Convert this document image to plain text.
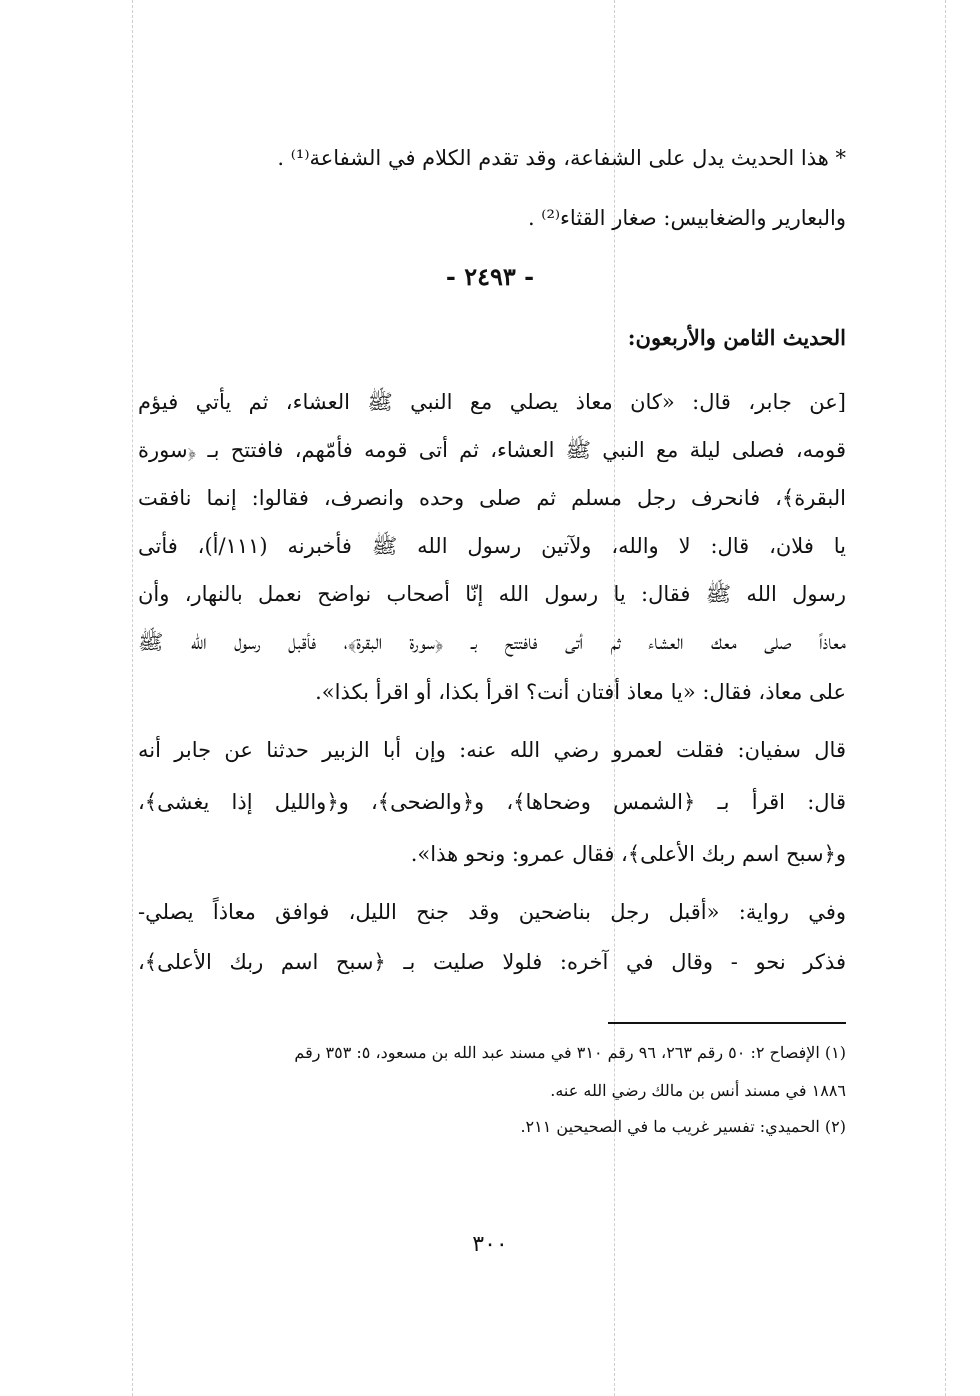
* هذا الحديث يدل على الشفاعة، وقد تقدم الكلام في الشفاعة⁽¹⁾ .
والبعارير والضغابيس: صغار القثاء⁽²⁾ .
الحديث الثامن والأربعون:
[عن جابر، قال: «كان معاذ يصلي مع النبي ﷺ العشاء، ثم يأتي فيؤم
قومه، فصلى ليلة مع النبي ﷺ العشاء، ثم أتى قومه فأمّهم، فافتتح بـ ﴿سورة
البقرة﴾، فانحرف رجل مسلم ثم صلى وحده وانصرف، فقالوا: إنما نافقت
يا فلان، قال: لا والله، ولآتين رسول الله ﷺ فأخبرنه (١١١/أ)، فأتى
رسول الله ﷺ فقال: يا رسول الله إنّا أصحاب نواضح نعمل بالنهار، وأن
معاذاً صلى معك العشاء ثم أتى فافتتح بـ ﴿سورة البقرة﴾، فأقبل رسول الله ﷺ
على معاذ، فقال: «يا معاذ أفتان أنت؟ اقرأ بكذا، أو اقرأ بكذا».
قال سفيان: فقلت لعمرو رضي الله عنه: وإن أبا الزبير حدثنا عن جابر أنه
قال: اقرأ بـ ﴿الشمس وضحاها﴾، و﴿والضحى﴾، و﴿والليل إذا يغشى﴾،
و﴿سبح اسم ربك الأعلى﴾، فقال عمرو: ونحو هذا».
وفي رواية: «أقبل رجل بناضحين وقد جنح الليل، فوافق معاذاً يصلي-
فذكر نحو - وقال في آخره: فلولا صليت بـ ﴿سبح اسم ربك الأعلى﴾،
- ٢٤٩٣ -
(١) الإفصاح ٢: ٥٠ رقم ٢٦٣، ٩٦ رقم ٣١٠ في مسند عبد الله بن مسعود، ٥: ٣٥٣ رقم
١٨٨٦ في مسند أنس بن مالك رضي الله عنه.
(٢) الحميدي: تفسير غريب ما في الصحيحين ٢١١.
٣٠٠
